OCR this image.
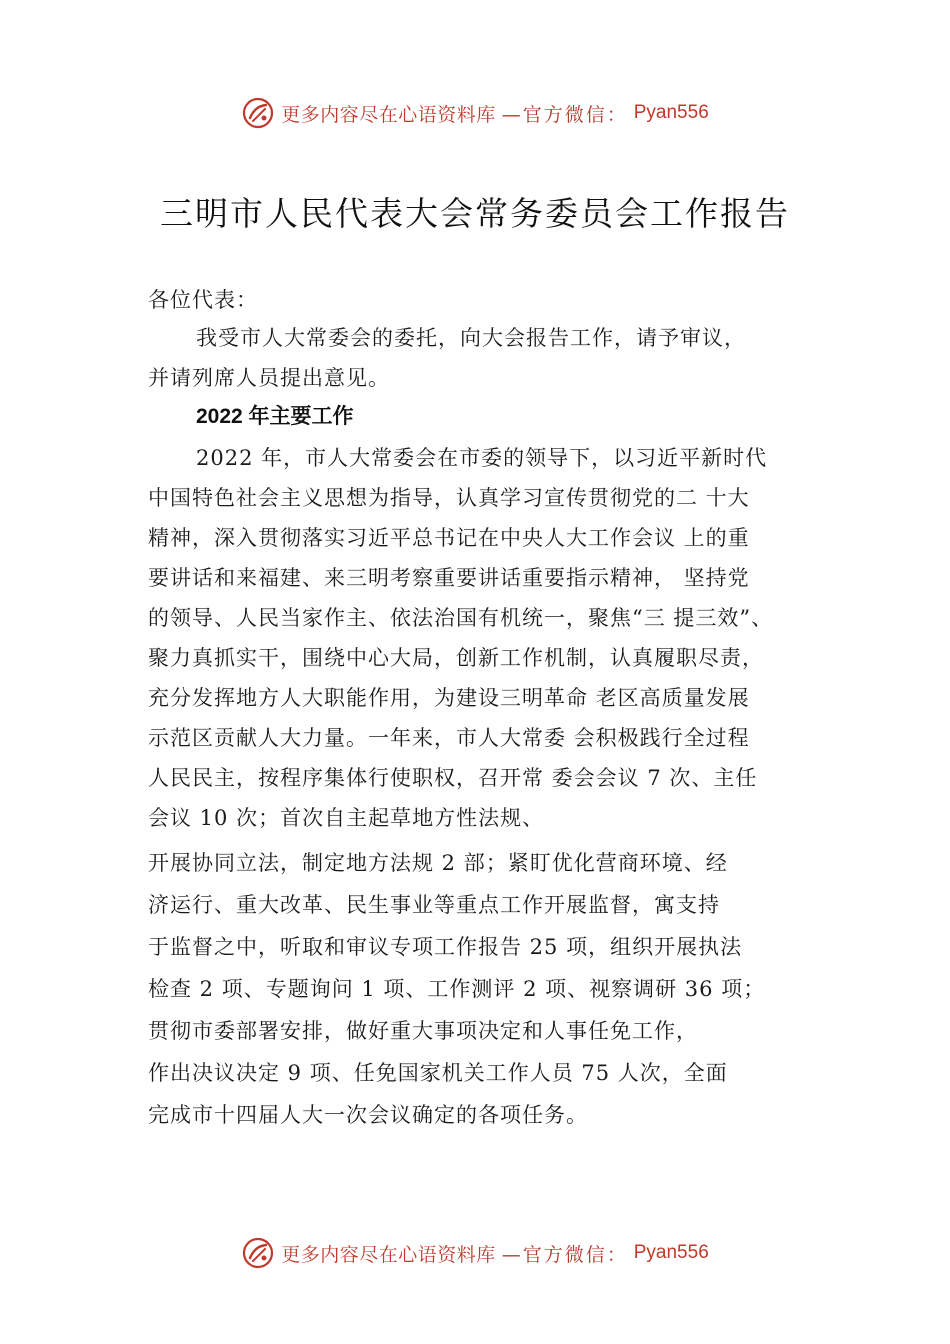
更多内容尽在心语资料库 —官方微信： Pyan556
三明市人民代表大会常务委员会工作报告
各位代表：
我受市人大常委会的委托，向大会报告工作，请予审议，
并请列席人员提出意见。
2022 年主要工作
2022 年，市人大常委会在市委的领导下，以习近平新时代
中国特色社会主义思想为指导，认真学习宣传贯彻党的二 十大
精神，深入贯彻落实习近平总书记在中央人大工作会议 上的重
要讲话和来福建、来三明考察重要讲话重要指示精神， 坚持党
的领导、人民当家作主、依法治国有机统一，聚焦“三 提三效”、
聚力真抓实干，围绕中心大局，创新工作机制，认真履职尽责，
充分发挥地方人大职能作用，为建设三明革命 老区高质量发展
示范区贡献人大力量。一年来，市人大常委 会积极践行全过程
人民民主，按程序集体行使职权，召开常 委会会议 7 次、主任
会议 10 次；首次自主起草地方性法规、
开展协同立法，制定地方法规 2 部；紧盯优化营商环境、经
济运行、重大改革、民生事业等重点工作开展监督，寓支持
于监督之中，听取和审议专项工作报告 25 项，组织开展执法
检查 2 项、专题询问 1 项、工作测评 2 项、视察调研 36 项；
贯彻市委部署安排，做好重大事项决定和人事任免工作，
作出决议决定 9 项、任免国家机关工作人员 75 人次，全面
完成市十四届人大一次会议确定的各项任务。
更多内容尽在心语资料库 —官方微信： Pyan556
